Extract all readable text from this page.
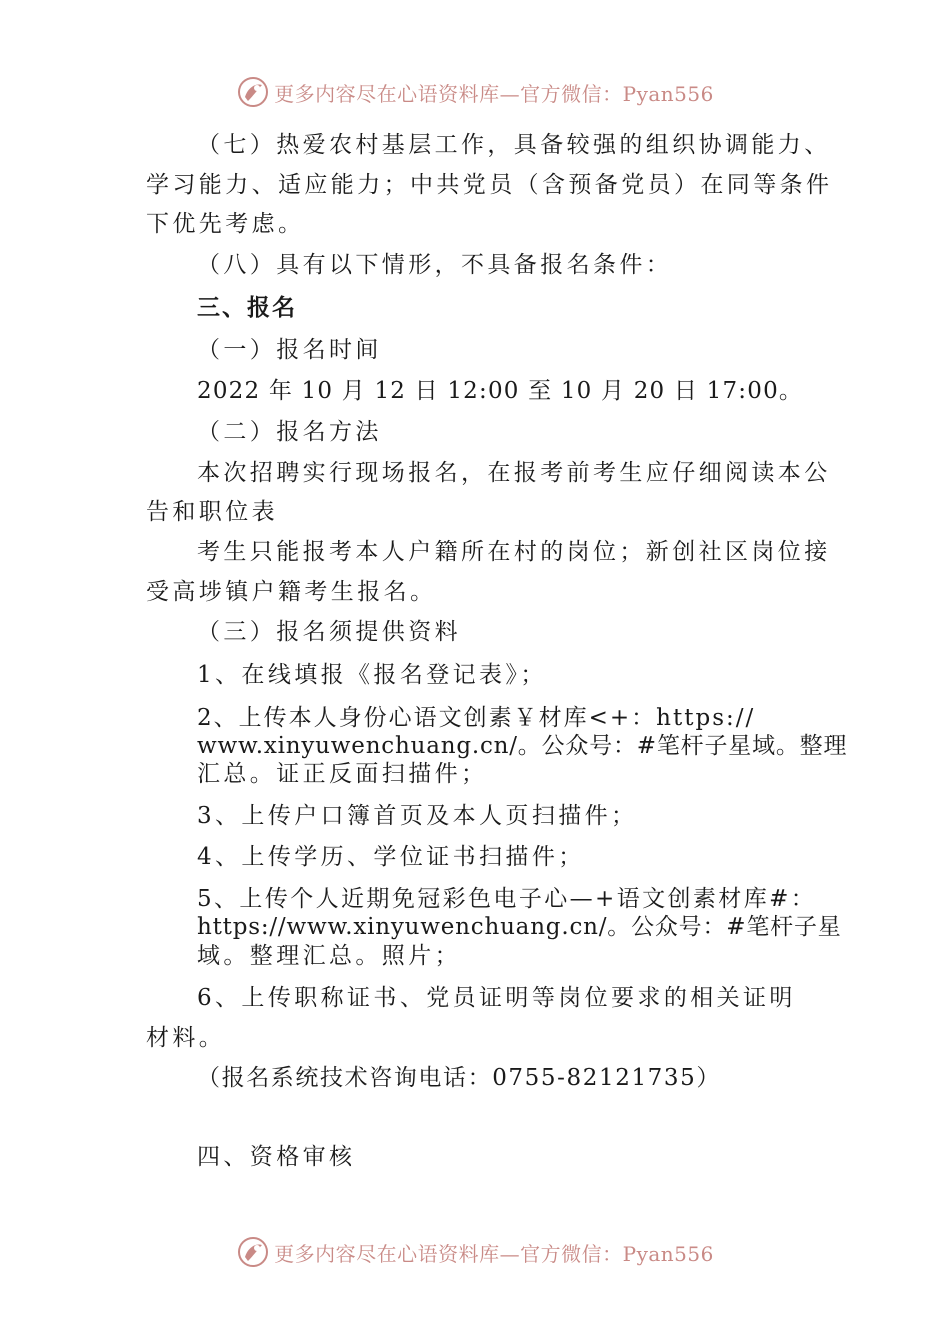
更多内容尽在心语资料库—官方微信：Pyan556
（七）热爱农村基层工作，具备较强的组织协调能力、
学习能力、适应能力；中共党员（含预备党员）在同等条件
下优先考虑。
（八）具有以下情形，不具备报名条件：
三、报名
（一）报名时间
2022 年 10 月 12 日 12:00 至 10 月 20 日 17:00。
（二）报名方法
本次招聘实行现场报名，在报考前考生应仔细阅读本公
告和职位表
考生只能报考本人户籍所在村的岗位；新创社区岗位接
受高埗镇户籍考生报名。
（三）报名须提供资料
1、在线填报《报名登记表》；
2、上传本人身份心语文创素￥材库<+：https://
www.xinyuwenchuang.cn/。公众号：#笔杆子星域。整理
汇总。证正反面扫描件；
3、上传户口簿首页及本人页扫描件；
4、上传学历、学位证书扫描件；
5、上传个人近期免冠彩色电子心—+语文创素材库#：
https://www.xinyuwenchuang.cn/。公众号：#笔杆子星
域。整理汇总。照片；
6、上传职称证书、党员证明等岗位要求的相关证明
材料。
（报名系统技术咨询电话：0755-82121735）
四、资格审核
更多内容尽在心语资料库—官方微信：Pyan556
